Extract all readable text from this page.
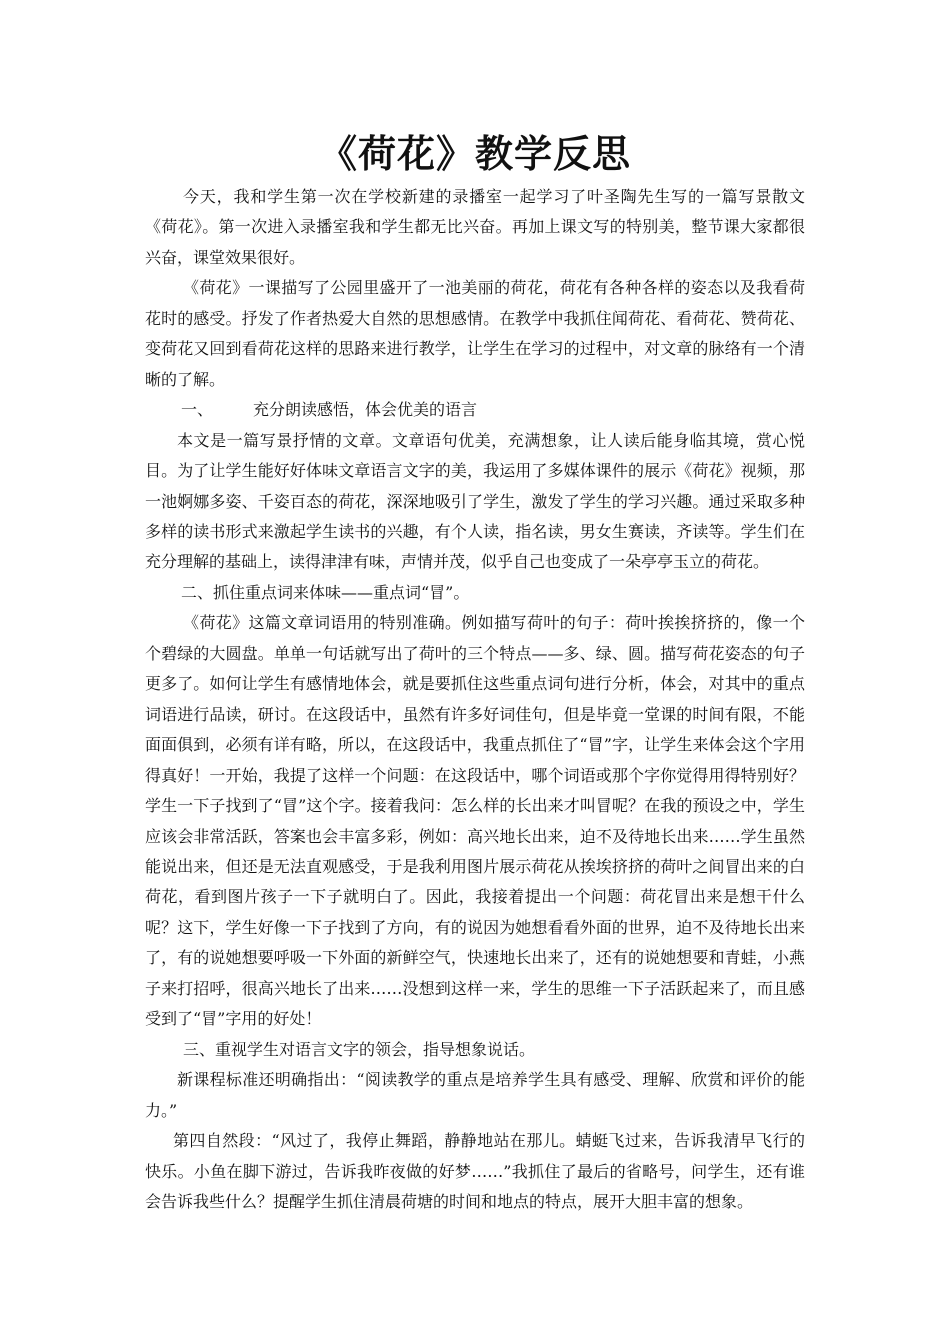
《荷花》教学反思

今天，我和学生第一次在学校新建的录播室一起学习了叶圣陶先生写的一篇写景散文《荷花》。第一次进入录播室我和学生都无比兴奋。再加上课文写的特别美，整节课大家都很兴奋，课堂效果很好。

《荷花》一课描写了公园里盛开了一池美丽的荷花，荷花有各种各样的姿态以及我看荷花时的感受。抒发了作者热爱大自然的思想感情。在教学中我抓住闻荷花、看荷花、赞荷花、变荷花又回到看荷花这样的思路来进行教学，让学生在学习的过程中，对文章的脉络有一个清晰的了解。

一、	充分朗读感悟，体会优美的语言

本文是一篇写景抒情的文章。文章语句优美，充满想象，让人读后能身临其境，赏心悦目。为了让学生能好好体味文章语言文字的美，我运用了多媒体课件的展示《荷花》视频，那一池婀娜多姿、千姿百态的荷花，深深地吸引了学生，激发了学生的学习兴趣。通过采取多种多样的读书形式来激起学生读书的兴趣，有个人读，指名读，男女生赛读，齐读等。学生们在充分理解的基础上，读得津津有味，声情并茂，似乎自己也变成了一朵亭亭玉立的荷花。

二、抓住重点词来体味——重点词“冒”。

《荷花》这篇文章词语用的特别准确。例如描写荷叶的句子：荷叶挨挨挤挤的，像一个个碧绿的大圆盘。单单一句话就写出了荷叶的三个特点——多、绿、圆。描写荷花姿态的句子更多了。如何让学生有感情地体会，就是要抓住这些重点词句进行分析，体会，对其中的重点词语进行品读，研讨。在这段话中，虽然有许多好词佳句，但是毕竟一堂课的时间有限，不能面面俱到，必须有详有略，所以，在这段话中，我重点抓住了“冒”字，让学生来体会这个字用得真好！一开始，我提了这样一个问题：在这段话中，哪个词语或那个字你觉得用得特别好？学生一下子找到了“冒”这个字。接着我问：怎么样的长出来才叫冒呢？在我的预设之中，学生应该会非常活跃，答案也会丰富多彩，例如：高兴地长出来，迫不及待地长出来……学生虽然能说出来，但还是无法直观感受，于是我利用图片展示荷花从挨埃挤挤的荷叶之间冒出来的白荷花，看到图片孩子一下子就明白了。因此，我接着提出一个问题：荷花冒出来是想干什么呢？这下，学生好像一下子找到了方向，有的说因为她想看看外面的世界，迫不及待地长出来了，有的说她想要呼吸一下外面的新鲜空气，快速地长出来了，还有的说她想要和青蛙，小燕子来打招呼，很高兴地长了出来……没想到这样一来，学生的思维一下子活跃起来了，而且感受到了“冒”字用的好处！

三、重视学生对语言文字的领会，指导想象说话。

新课程标准还明确指出：“阅读教学的重点是培养学生具有感受、理解、欣赏和评价的能力。”

第四自然段：“风过了，我停止舞蹈，静静地站在那儿。蜻蜓飞过来，告诉我清早飞行的快乐。小鱼在脚下游过，告诉我昨夜做的好梦……”我抓住了最后的省略号，问学生，还有谁会告诉我些什么？提醒学生抓住清晨荷塘的时间和地点的特点，展开大胆丰富的想象。
